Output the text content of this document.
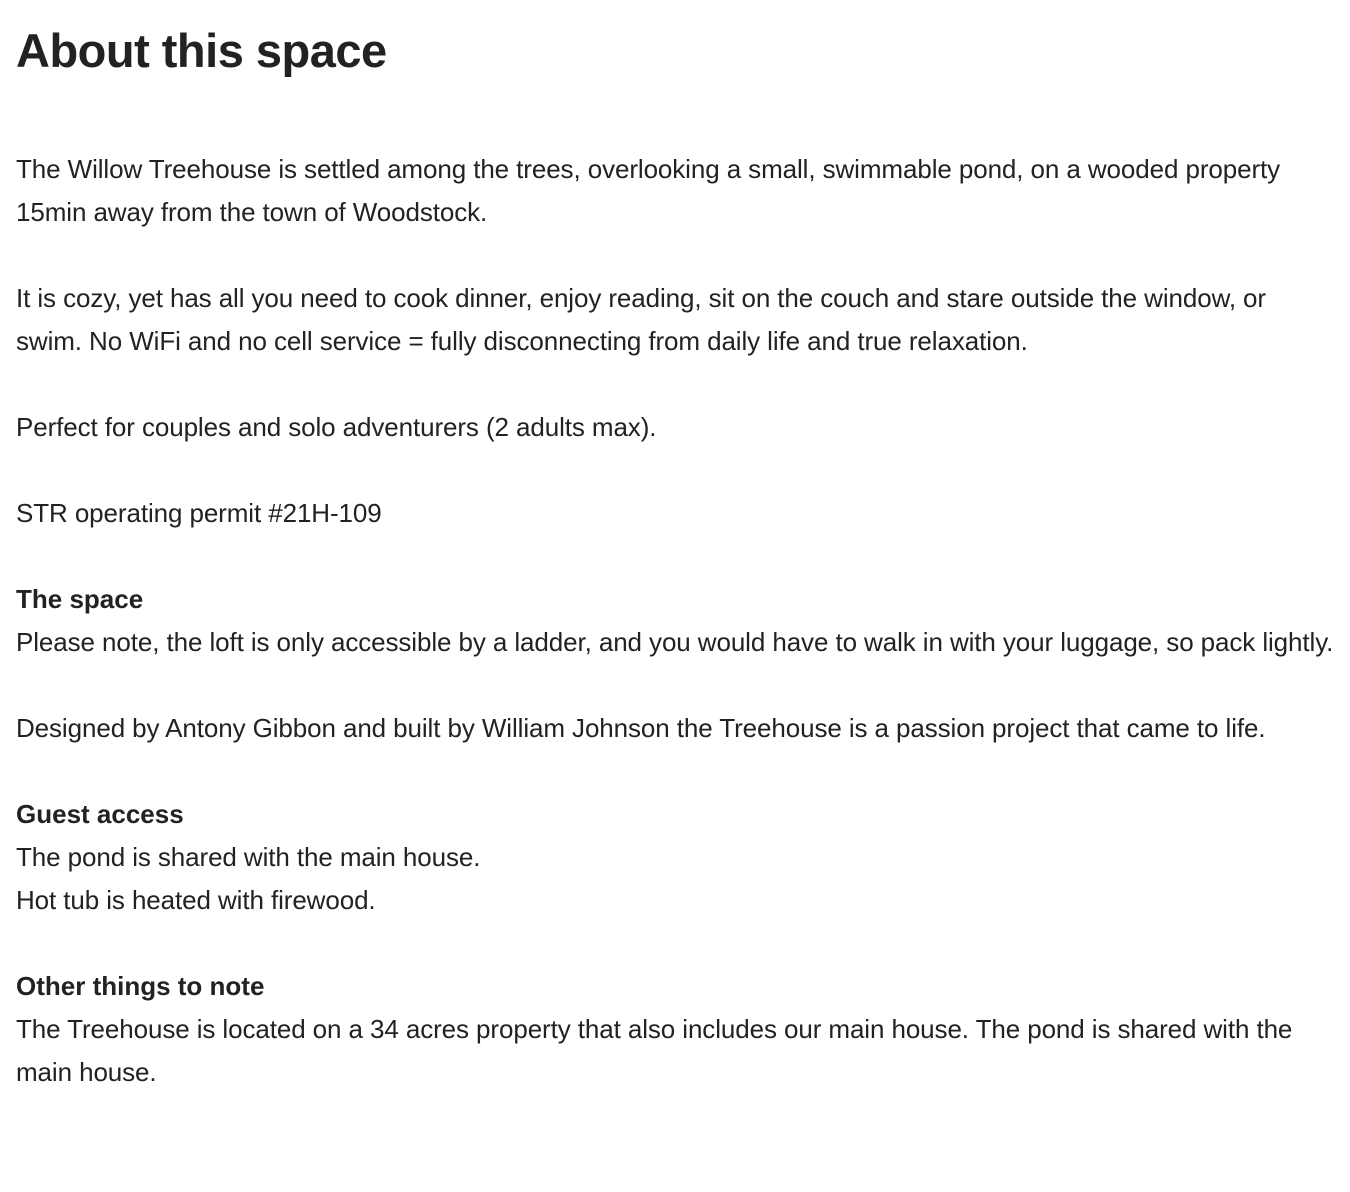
About this space

The Willow Treehouse is settled among the trees, overlooking a small, swimmable pond, on a wooded property 15min away from the town of Woodstock.

It is cozy, yet has all you need to cook dinner, enjoy reading, sit on the couch and stare outside the window, or swim. No WiFi and no cell service = fully disconnecting from daily life and true relaxation.

Perfect for couples and solo adventurers (2 adults max).

STR operating permit #21H-109

The space

Please note, the loft is only accessible by a ladder, and you would have to walk in with your luggage, so pack lightly.

Designed by Antony Gibbon and built by William Johnson the Treehouse is a passion project that came to life.

Guest access

The pond is shared with the main house.

Hot tub is heated with firewood.

Other things to note

The Treehouse is located on a 34 acres property that also includes our main house. The pond is shared with the main house.
